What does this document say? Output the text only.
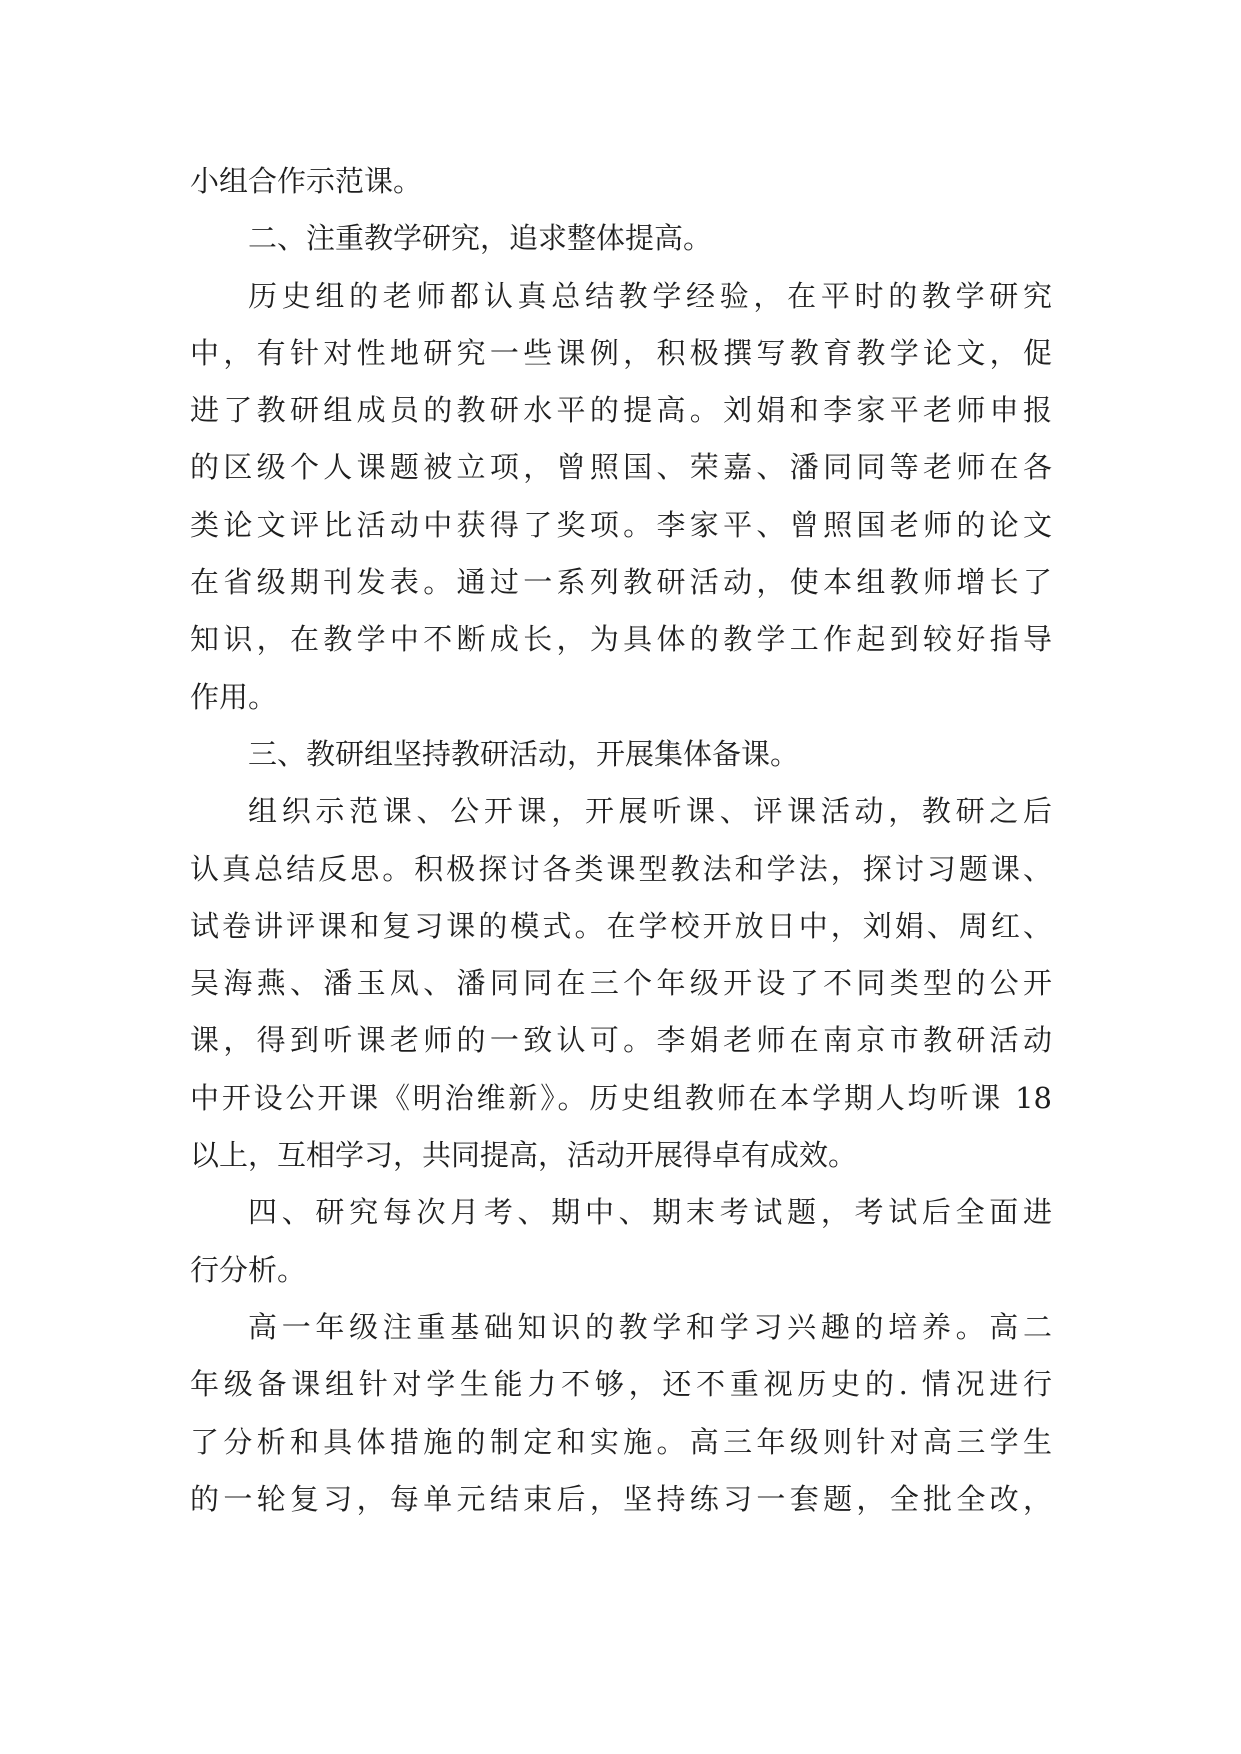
小组合作示范课。
二、注重教学研究，追求整体提高。
历史组的老师都认真总结教学经验，在平时的教学研究
中，有针对性地研究一些课例，积极撰写教育教学论文，促
进了教研组成员的教研水平的提高。刘娟和李家平老师申报
的区级个人课题被立项，曾照国、荣嘉、潘同同等老师在各
类论文评比活动中获得了奖项。李家平、曾照国老师的论文
在省级期刊发表。通过一系列教研活动，使本组教师增长了
知识，在教学中不断成长，为具体的教学工作起到较好指导
作用。
三、教研组坚持教研活动，开展集体备课。
组织示范课、公开课，开展听课、评课活动，教研之后
认真总结反思。积极探讨各类课型教法和学法，探讨习题课、
试卷讲评课和复习课的模式。在学校开放日中，刘娟、周红、
吴海燕、潘玉凤、潘同同在三个年级开设了不同类型的公开
课，得到听课老师的一致认可。李娟老师在南京市教研活动
中开设公开课《明治维新》。历史组教师在本学期人均听课 18
以上，互相学习，共同提高，活动开展得卓有成效。
四、研究每次月考、期中、期末考试题，考试后全面进
行分析。
高一年级注重基础知识的教学和学习兴趣的培养。高二
年级备课组针对学生能力不够，还不重视历史的. 情况进行
了分析和具体措施的制定和实施。高三年级则针对高三学生
的一轮复习，每单元结束后，坚持练习一套题，全批全改，
